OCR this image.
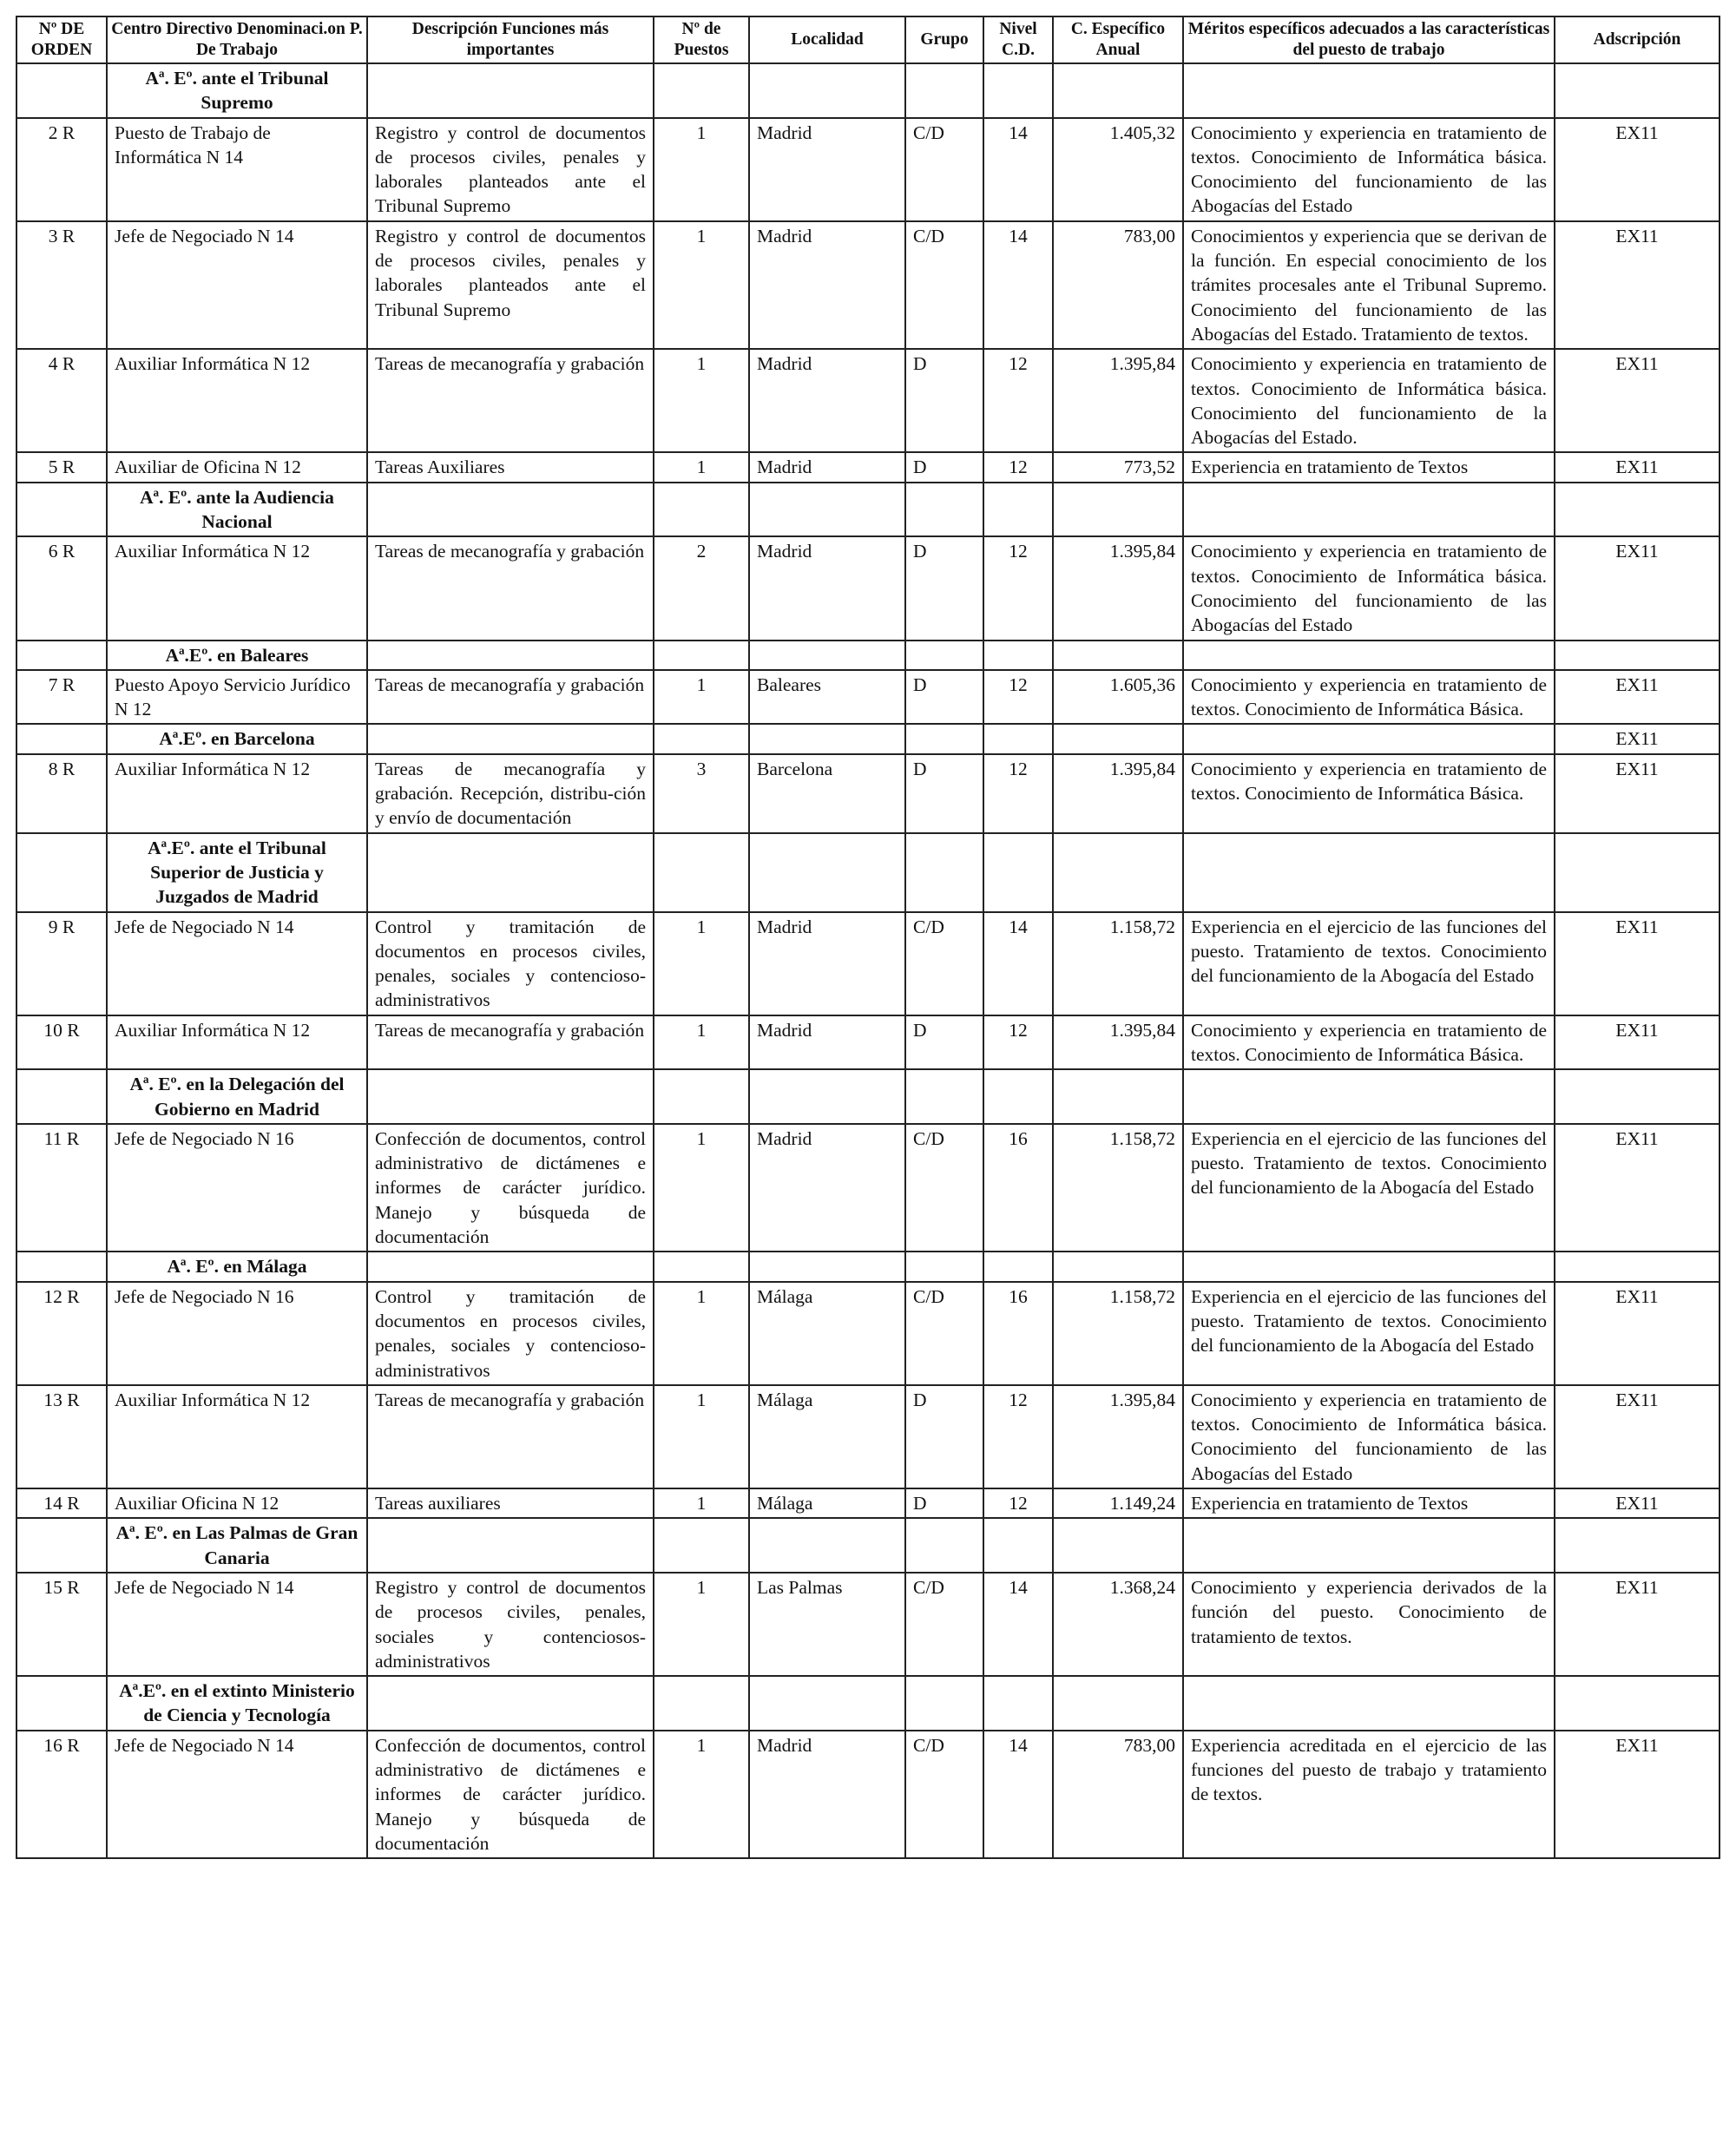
Nº DE ORDEN	Centro Directivo Denominaci.on P. De Trabajo	Descripción Funciones más importantes	Nº de Puestos	Localidad	Grupo	Nivel C.D.	C. Específico Anual	Méritos específicos adecuados a las características del puesto de trabajo	Adscripción
	Aª. Eº. ante el Tribunal Supremo								
2 R	Puesto de Trabajo de Informática N 14	Registro y control de documentos de procesos civiles, penales y laborales planteados ante el Tribunal Supremo	1	Madrid	C/D	14	1.405,32	Conocimiento y experiencia en tratamiento de textos. Conocimiento de Informática básica. Conocimiento del funcionamiento de las Abogacías del Estado	EX11
3 R	Jefe de Negociado N 14	Registro y control de documentos de procesos civiles, penales y laborales planteados ante el Tribunal Supremo	1	Madrid	C/D	14	783,00	Conocimientos y experiencia que se derivan de la función. En especial conocimiento de los trámites procesales ante el Tribunal Supremo. Conocimiento del funcionamiento de las Abogacías del Estado. Tratamiento de textos.	EX11
4 R	Auxiliar Informática N 12	Tareas de mecanografía y grabación	1	Madrid	D	12	1.395,84	Conocimiento y experiencia en tratamiento de textos. Conocimiento de Informática básica. Conocimiento del funcionamiento de la Abogacías del Estado.	EX11
5 R	Auxiliar de Oficina N 12	Tareas Auxiliares	1	Madrid	D	12	773,52	Experiencia en tratamiento de Textos	EX11
	Aª. Eº. ante la Audiencia Nacional								
6 R	Auxiliar Informática N 12	Tareas de mecanografía y grabación	2	Madrid	D	12	1.395,84	Conocimiento y experiencia en tratamiento de textos. Conocimiento de Informática básica. Conocimiento del funcionamiento de las Abogacías del Estado	EX11
	Aª.Eº. en Baleares								
7 R	Puesto Apoyo Servicio Jurídico N 12	Tareas de mecanografía y grabación	1	Baleares	D	12	1.605,36	Conocimiento y experiencia en tratamiento de textos. Conocimiento de Informática Básica.	EX11
	Aª.Eº. en Barcelona								EX11
8 R	Auxiliar Informática N 12	Tareas de mecanografía y grabación. Recepción, distribu-ción y envío de documentación	3	Barcelona	D	12	1.395,84	Conocimiento y experiencia en tratamiento de textos. Conocimiento de Informática Básica.	EX11
	Aª.Eº. ante el Tribunal Superior de Justicia y Juzgados de Madrid								
9 R	Jefe de Negociado N 14	Control y tramitación de documentos en procesos civiles, penales, sociales y contencioso-administrativos	1	Madrid	C/D	14	1.158,72	Experiencia en el ejercicio de las funciones del puesto. Tratamiento de textos. Conocimiento del funcionamiento de la Abogacía del Estado	EX11
10 R	Auxiliar Informática N 12	Tareas de mecanografía y grabación	1	Madrid	D	12	1.395,84	Conocimiento y experiencia en tratamiento de textos. Conocimiento de Informática Básica.	EX11
	Aª. Eº. en la Delegación del Gobierno en Madrid								
11 R	Jefe de Negociado N 16	Confección de documentos, control administrativo de dictámenes e informes de carácter jurídico. Manejo y búsqueda de documentación	1	Madrid	C/D	16	1.158,72	Experiencia en el ejercicio de las funciones del puesto. Tratamiento de textos. Conocimiento del funcionamiento de la Abogacía del Estado	EX11
	Aª. Eº. en Málaga								
12 R	Jefe de Negociado N 16	Control y tramitación de documentos en procesos civiles, penales, sociales y contencioso-administrativos	1	Málaga	C/D	16	1.158,72	Experiencia en el ejercicio de las funciones del puesto. Tratamiento de textos. Conocimiento del funcionamiento de la Abogacía del Estado	EX11
13 R	Auxiliar Informática N 12	Tareas de mecanografía y grabación	1	Málaga	D	12	1.395,84	Conocimiento y experiencia en tratamiento de textos. Conocimiento de Informática básica. Conocimiento del funcionamiento de las Abogacías del Estado	EX11
14 R	Auxiliar Oficina N 12	Tareas auxiliares	1	Málaga	D	12	1.149,24	Experiencia en tratamiento de Textos	EX11
	Aª. Eº. en Las Palmas de Gran Canaria								
15 R	Jefe de Negociado N 14	Registro y control de documentos de procesos civiles, penales, sociales y contenciosos-administrativos	1	Las Palmas	C/D	14	1.368,24	Conocimiento y experiencia derivados de la función del puesto. Conocimiento de tratamiento de textos.	EX11
	Aª.Eº. en el extinto Ministerio de Ciencia y Tecnología								
16 R	Jefe de Negociado N 14	Confección de documentos, control administrativo de dictámenes e informes de carácter jurídico. Manejo y búsqueda de documentación	1	Madrid	C/D	14	783,00	Experiencia acreditada en el ejercicio de las funciones del puesto de trabajo y tratamiento de textos.	EX11
